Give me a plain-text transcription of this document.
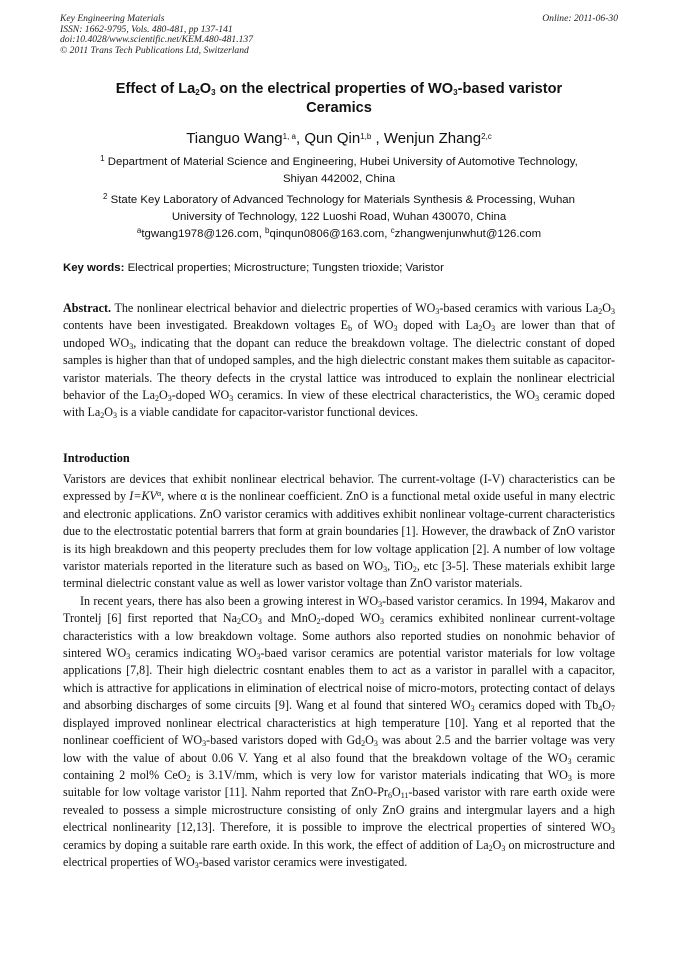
Key Engineering Materials
ISSN: 1662-9795, Vols. 480-481, pp 137-141
doi:10.4028/www.scientific.net/KEM.480-481.137
© 2011 Trans Tech Publications Ltd, Switzerland
Online: 2011-06-30
Effect of $La_2O_3$ on the electrical properties of $WO_3$-based varistor
Ceramics
Tianguo Wang$^{1, a}$, Qun Qin$^{1,b}$ , Wenjun Zhang$^{2,c}$
$^1$ Department of Material Science and Engineering, Hubei University of Automotive Technology,
Shiyan 442002, China
$^2$ State Key Laboratory of Advanced Technology for Materials Synthesis & Processing, Wuhan
University of Technology, 122 Luoshi Road, Wuhan 430070, China
$^a$tgwang1978@126.com, $^b$qinqun0806@163.com, $^c$zhangwenjunwhut@126.com
Key words: Electrical properties; Microstructure; Tungsten trioxide; Varistor

Abstract. The nonlinear electrical behavior and dielectric properties of $WO_3$-based ceramics with various $La_2O_3$ contents have been investigated. Breakdown voltages $E_b$ of $WO_3$ doped with $La_2O_3$ are lower than that of undoped $WO_3$, indicating that the dopant can reduce the breakdown voltage. The dielectric constant of doped samples is higher than that of undoped samples, and the high dielectric constant makes them suitable as capacitor-varistor materials. The theory defects in the crystal lattice was introduced to explain the nonlinear electricial behavior of the $La_2O_3$-doped $WO_3$ ceramics. In view of these electrical characteristics, the $WO_3$ ceramic doped with $La_2O_3$ is a viable candidate for capacitor-varistor functional devices.

Introduction

Varistors are devices that exhibit nonlinear electrical behavior. The current-voltage (I-V) characteristics can be expressed by $I=KV^\alpha$, where α is the nonlinear coefficient. ZnO is a functional metal oxide useful in many electric and electronic applications. ZnO varistor ceramics with additives exhibit nonlinear voltage-current characteristics due to the electrostatic potential barrers that form at grain boundaries [1]. However, the drawback of ZnO varistor is its high breakdown and this peoperty precludes them for low voltage application [2]. A number of low voltage varistor materials reported in the literature such as based on $WO_3$, TiO$_2$, etc [3-5]. These materials exhibit large terminal dielectric constant value as well as lower varistor voltage than ZnO varistor materials.

In recent years, there has also been a growing interest in $WO_3$-based varistor ceramics. In 1994, Makarov and Trontelj [6] first reported that $Na_2CO_3$ and MnO$_2$-doped $WO_3$ ceramics exhibited nonlinear current-voltage characteristics with a low breakdown voltage. Some authors also reported studies on nonohmic behavior of sintered $WO_3$ ceramics indicating $WO_3$-baed varisor ceramics are potential varistor materials for low voltage applications [7,8]. Their high dielectric cosntant enables them to act as a varistor in parallel with a capacitor, which is attractive for applications in elimination of electrical noise of micro-motors, protecting contact of delays and absorbing discharges of some circuits [9]. Wang et al found that sintered $WO_3$ ceramics doped with $Tb_4O_7$ displayed improved nonlinear electrical characteristics at high temperature [10]. Yang et al reported that the nonlinear coefficient of $WO_3$-based varistors doped with $Gd_2O_3$ was about 2.5 and the barrier voltage was very low with the value of about 0.06 V. Yang et al also found that the breakdown voltage of the $WO_3$ ceramic containing 2 mol% CeO$_2$ is 3.1V/mm, which is very low for varistor materials indicating that $WO_3$ is more suitable for low voltage varistor [11]. Nahm reported that ZnO-$Pr_6O_{11}$-based varistor with rare earth oxide were revealed to possess a simple microstructure consisting of only ZnO grains and intergmular layers and a high electrical nonlinearity [12,13]. Therefore, it is possible to improve the electrical properties of sintered $WO_3$ ceramics by doping a suitable rare earth oxide. In this work, the effect of addition of $La_2O_3$ on microstructure and electrical properties of $WO_3$-based varistor ceramics were investigated.
